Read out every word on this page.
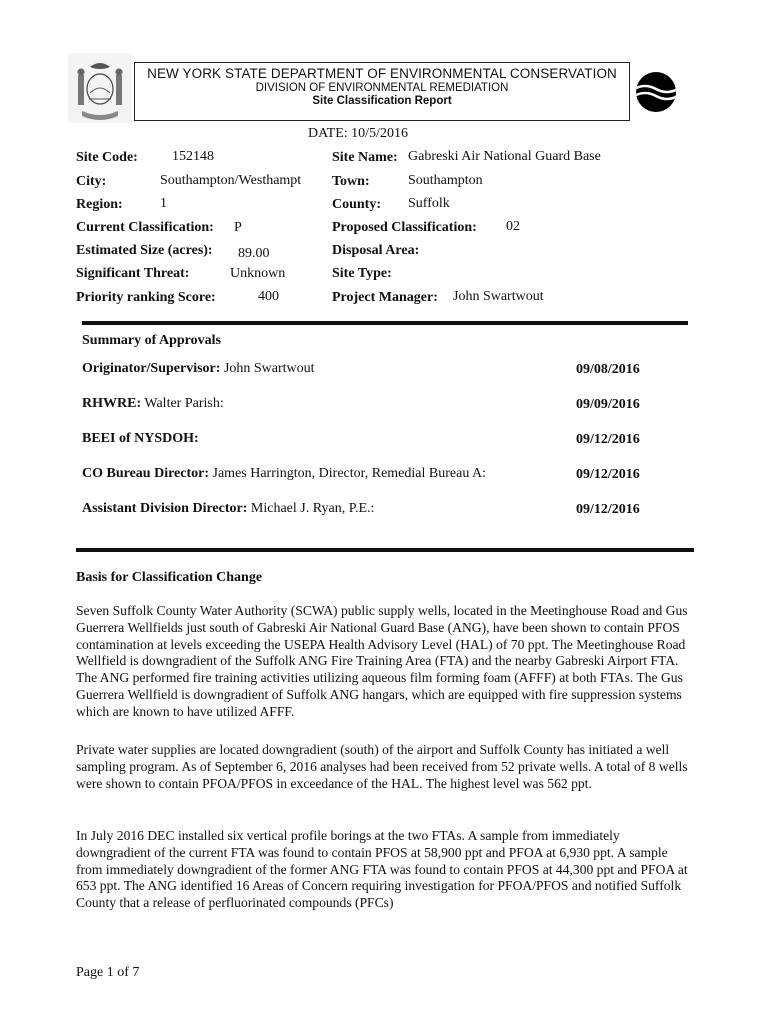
NEW YORK STATE DEPARTMENT OF ENVIRONMENTAL CONSERVATION
DIVISION OF ENVIRONMENTAL REMEDIATION
Site Classification Report
DATE: 10/5/2016
Site Code: 152148	Site Name: Gabreski Air National Guard Base
City:	Southampton/Westhampt Town:	Southampton
Region:	1	County: Suffolk
Current Classification: P	Proposed Classification: 02
Estimated Size (acres): 89.00	Disposal Area:
Significant Threat:	Unknown	Site Type:
Priority ranking Score:	400	Project Manager: John Swartwout
Summary of Approvals
Originator/Supervisor: John Swartwout	09/08/2016
RHWRE: Walter Parish:	09/09/2016
BEEI of NYSDOH:	09/12/2016
CO Bureau Director: James Harrington, Director, Remedial Bureau A:	09/12/2016
Assistant Division Director: Michael J. Ryan, P.E.:	09/12/2016
Basis for Classification Change
Seven Suffolk County Water Authority (SCWA) public supply wells, located in the Meetinghouse Road and Gus Guerrera Wellfields just south of Gabreski Air National Guard Base (ANG), have been shown to contain PFOS contamination at levels exceeding the USEPA Health Advisory Level (HAL) of 70 ppt. The Meetinghouse Road Wellfield is downgradient of the Suffolk ANG Fire Training Area (FTA) and the nearby Gabreski Airport FTA. The ANG performed fire training activities utilizing aqueous film forming foam (AFFF) at both FTAs. The Gus Guerrera Wellfield is downgradient of Suffolk ANG hangars, which are equipped with fire suppression systems which are known to have utilized AFFF.
Private water supplies are located downgradient (south) of the airport and Suffolk County has initiated a well sampling program. As of September 6, 2016 analyses had been received from 52 private wells. A total of 8 wells were shown to contain PFOA/PFOS in exceedance of the HAL. The highest level was 562 ppt.
In July 2016 DEC installed six vertical profile borings at the two FTAs. A sample from immediately downgradient of the current FTA was found to contain PFOS at 58,900 ppt and PFOA at 6,930 ppt. A sample from immediately downgradient of the former ANG FTA was found to contain PFOS at 44,300 ppt and PFOA at 653 ppt. The ANG identified 16 Areas of Concern requiring investigation for PFOA/PFOS and notified Suffolk County that a release of perfluorinated compounds (PFCs)
Page 1 of 7
